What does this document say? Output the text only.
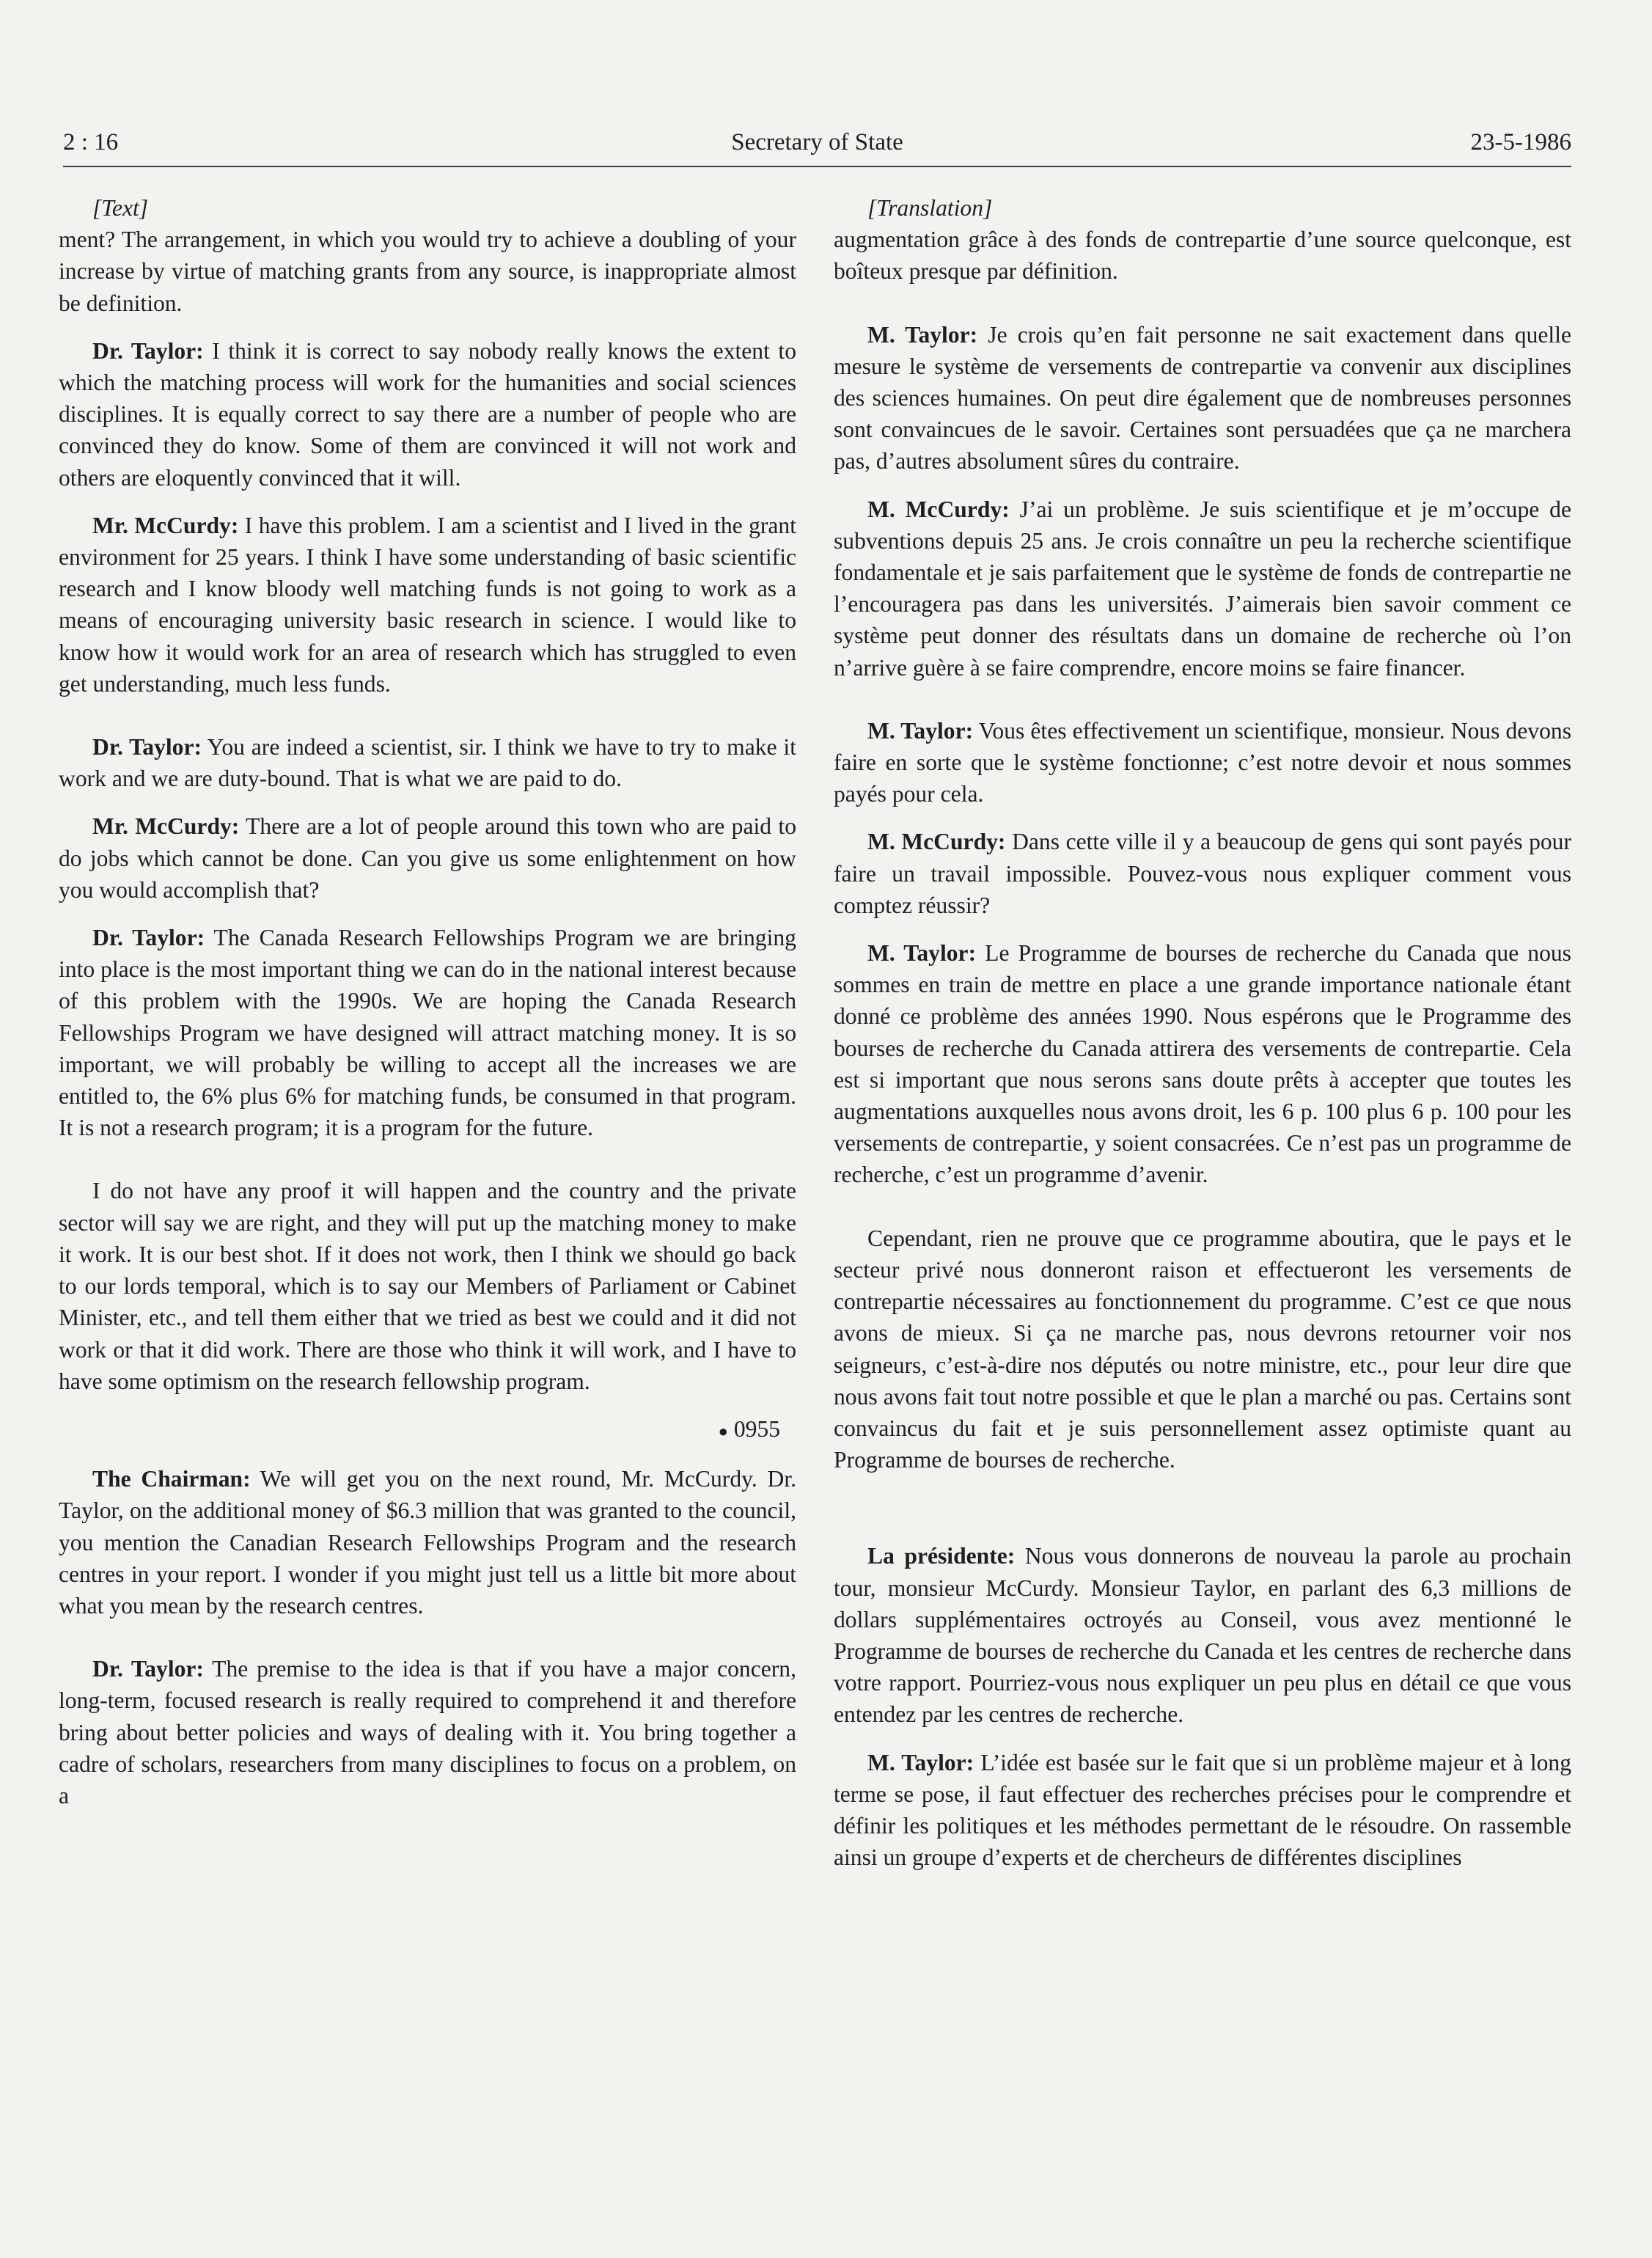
2 : 16	Secretary of State	23-5-1986

[Text]

ment? The arrangement, in which you would try to achieve a doubling of your increase by virtue of matching grants from any source, is inappropriate almost be definition.

Dr. Taylor: I think it is correct to say nobody really knows the extent to which the matching process will work for the humanities and social sciences disciplines. It is equally correct to say there are a number of people who are convinced they do know. Some of them are convinced it will not work and others are eloquently convinced that it will.

Mr. McCurdy: I have this problem. I am a scientist and I lived in the grant environment for 25 years. I think I have some understanding of basic scientific research and I know bloody well matching funds is not going to work as a means of encouraging university basic research in science. I would like to know how it would work for an area of research which has struggled to even get understanding, much less funds.

Dr. Taylor: You are indeed a scientist, sir. I think we have to try to make it work and we are duty-bound. That is what we are paid to do.

Mr. McCurdy: There are a lot of people around this town who are paid to do jobs which cannot be done. Can you give us some enlightenment on how you would accomplish that?

Dr. Taylor: The Canada Research Fellowships Program we are bringing into place is the most important thing we can do in the national interest because of this problem with the 1990s. We are hoping the Canada Research Fellowships Program we have designed will attract matching money. It is so important, we will probably be willing to accept all the increases we are entitled to, the 6% plus 6% for matching funds, be consumed in that program. It is not a research program; it is a program for the future.

I do not have any proof it will happen and the country and the private sector will say we are right, and they will put up the matching money to make it work. It is our best shot. If it does not work, then I think we should go back to our lords temporal, which is to say our Members of Parliament or Cabinet Minister, etc., and tell them either that we tried as best we could and it did not work or that it did work. There are those who think it will work, and I have to have some optimism on the research fellowship program.

● 0955

The Chairman: We will get you on the next round, Mr. McCurdy. Dr. Taylor, on the additional money of $6.3 million that was granted to the council, you mention the Canadian Research Fellowships Program and the research centres in your report. I wonder if you might just tell us a little bit more about what you mean by the research centres.

Dr. Taylor: The premise to the idea is that if you have a major concern, long-term, focused research is really required to comprehend it and therefore bring about better policies and ways of dealing with it. You bring together a cadre of scholars, researchers from many disciplines to focus on a problem, on a

[Translation]

augmentation grâce à des fonds de contrepartie d’une source quelconque, est boîteux presque par définition.

M. Taylor: Je crois qu’en fait personne ne sait exactement dans quelle mesure le système de versements de contrepartie va convenir aux disciplines des sciences humaines. On peut dire également que de nombreuses personnes sont convaincues de le savoir. Certaines sont persuadées que ça ne marchera pas, d’autres absolument sûres du contraire.

M. McCurdy: J’ai un problème. Je suis scientifique et je m’occupe de subventions depuis 25 ans. Je crois connaître un peu la recherche scientifique fondamentale et je sais parfaitement que le système de fonds de contrepartie ne l’encouragera pas dans les universités. J’aimerais bien savoir comment ce système peut donner des résultats dans un domaine de recherche où l’on n’arrive guère à se faire comprendre, encore moins se faire financer.

M. Taylor: Vous êtes effectivement un scientifique, monsieur. Nous devons faire en sorte que le système fonctionne; c’est notre devoir et nous sommes payés pour cela.

M. McCurdy: Dans cette ville il y a beaucoup de gens qui sont payés pour faire un travail impossible. Pouvez-vous nous expliquer comment vous comptez réussir?

M. Taylor: Le Programme de bourses de recherche du Canada que nous sommes en train de mettre en place a une grande importance nationale étant donné ce problème des années 1990. Nous espérons que le Programme des bourses de recherche du Canada attirera des versements de contrepartie. Cela est si important que nous serons sans doute prêts à accepter que toutes les augmentations auxquelles nous avons droit, les 6 p. 100 plus 6 p. 100 pour les versements de contrepartie, y soient consacrées. Ce n’est pas un programme de recherche, c’est un programme d’avenir.

Cependant, rien ne prouve que ce programme aboutira, que le pays et le secteur privé nous donneront raison et effectueront les versements de contrepartie nécessaires au fonctionnement du programme. C’est ce que nous avons de mieux. Si ça ne marche pas, nous devrons retourner voir nos seigneurs, c’est-à-dire nos députés ou notre ministre, etc., pour leur dire que nous avons fait tout notre possible et que le plan a marché ou pas. Certains sont convaincus du fait et je suis personnellement assez optimiste quant au Programme de bourses de recherche.

La présidente: Nous vous donnerons de nouveau la parole au prochain tour, monsieur McCurdy. Monsieur Taylor, en parlant des 6,3 millions de dollars supplémentaires octroyés au Conseil, vous avez mentionné le Programme de bourses de recherche du Canada et les centres de recherche dans votre rapport. Pourriez-vous nous expliquer un peu plus en détail ce que vous entendez par les centres de recherche.

M. Taylor: L’idée est basée sur le fait que si un problème majeur et à long terme se pose, il faut effectuer des recherches précises pour le comprendre et définir les politiques et les méthodes permettant de le résoudre. On rassemble ainsi un groupe d’experts et de chercheurs de différentes disciplines
